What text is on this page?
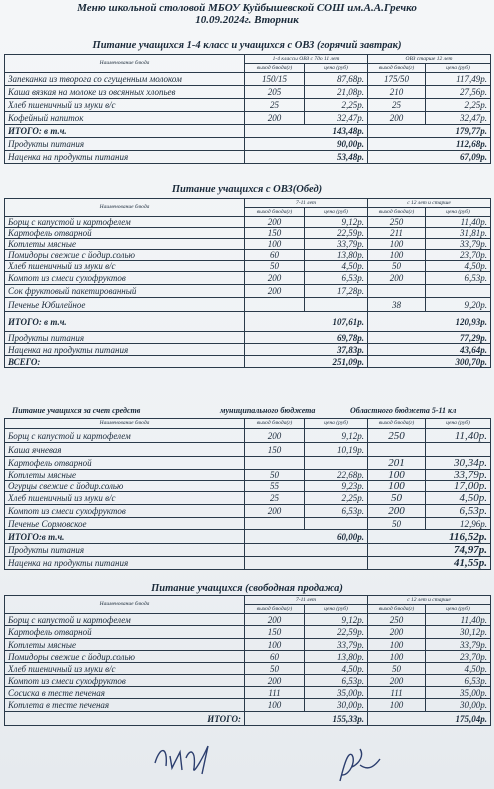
Меню школьной столовой МБОУ Куйбышевской СОШ им.А.А.Гречко
10.09.2024г. Вторник
Питание учащихся 1-4 класс и учащихся с ОВЗ (горячий завтрак)
Наименование блюда	1-4 классы ОВЗ с 7до 11 лет		ОВЗ старше 12 лет	
	выход блюда(г)	цена (руб)	выход блюда(г)	цена (руб)
Запеканка из творога со сгущенным молоком	150/15	87,68р.	175/50	117,49р.
Каша вязкая на молоке из овсянных хлопьев	205	21,08р.	210	27,56р.
Хлеб пшеничный из муки в/с	25	2,25р.	25	2,25р.
Кофейный напиток	200	32,47р.	200	32,47р.
ИТОГО: в т.ч.	143,48р.		179,77р.	
Продукты питания	90,00р.		112,68р.	
Наценка на продукты питания	53,48р.		67,09р.	
Питание учащихся с ОВЗ(Обед)
Наименование блюда	7-11 лет		с 12 лет и старше	
	выход блюда(г)	цена (руб)	выход блюда(г)	цена (руб)
Борщ с капустой и картофелем	200	9,12р.	250	11,40р.
Картофель отварной	150	22,59р.	211	31,81р.
Котлеты мясные	100	33,79р.	100	33,79р.
Помидоры свежие с йодир.солью	60	13,80р.	100	23,70р.
Хлеб пшеничный из муки в/с	50	4,50р.	50	4,50р.
Компот из смеси сухофруктов	200	6,53р.	200	6,53р.
Сок фруктовый пакетированный	200	17,28р.		
Печенье Юбилейное			38	9,20р.
ИТОГО: в т.ч.	107,61р.		120,93р.	
Продукты питания	69,78р.		77,29р.	
Наценка на продукты питания	37,83р.		43,64р.	
ВСЕГО:	251,09р.		300,70р.	
Питание учащихся за счет средств	муниципального бюджета	Областного бюджета 5-11 кл
Наименование блюда	выход блюда(г)	цена (руб)	выход блюда(г)	цена (руб)
Борщ с капустой и картофелем	200	9,12р.	250	11,40р.
Каша ячневая	150	10,19р.		
Картофель отварной			201	30,34р.
Котлеты мясные	50	22,68р.	100	33,79р.
Огурцы свежие с йодир.солью	55	9,23р.	100	17,00р.
Хлеб пшеничный из муки в/с	25	2,25р.	50	4,50р.
Компот из смеси сухофруктов	200	6,53р.	200	6,53р.
Печенье Сормовское			50	12,96р.
ИТОГО:в т.ч.	60,00р.		116,52р.	
Продукты питания			74,97р.	
Наценка на продукты питания			41,55р.	
Питание учащихся (свободная продажа)
Наименование блюда	7-11 лет		с 12 лет и старше	
	выход блюда(г)	цена (руб)	выход блюда(г)	цена (руб)
Борщ с капустой и картофелем	200	9,12р.	250	11,40р.
Картофель отварной	150	22,59р.	200	30,12р.
Котлеты мясные	100	33,79р.	100	33,79р.
Помидоры свежие с йодир.солью	60	13,80р.	100	23,70р.
Хлеб пшеничный из муки в/с	50	4,50р.	50	4,50р.
Компот из смеси сухофруктов	200	6,53р.	200	6,53р.
Сосиска в тесте печеная	111	35,00р.	111	35,00р.
Котлета в тесте печеная	100	30,00р.	100	30,00р.
ИТОГО:	155,33р.		175,04р.	
